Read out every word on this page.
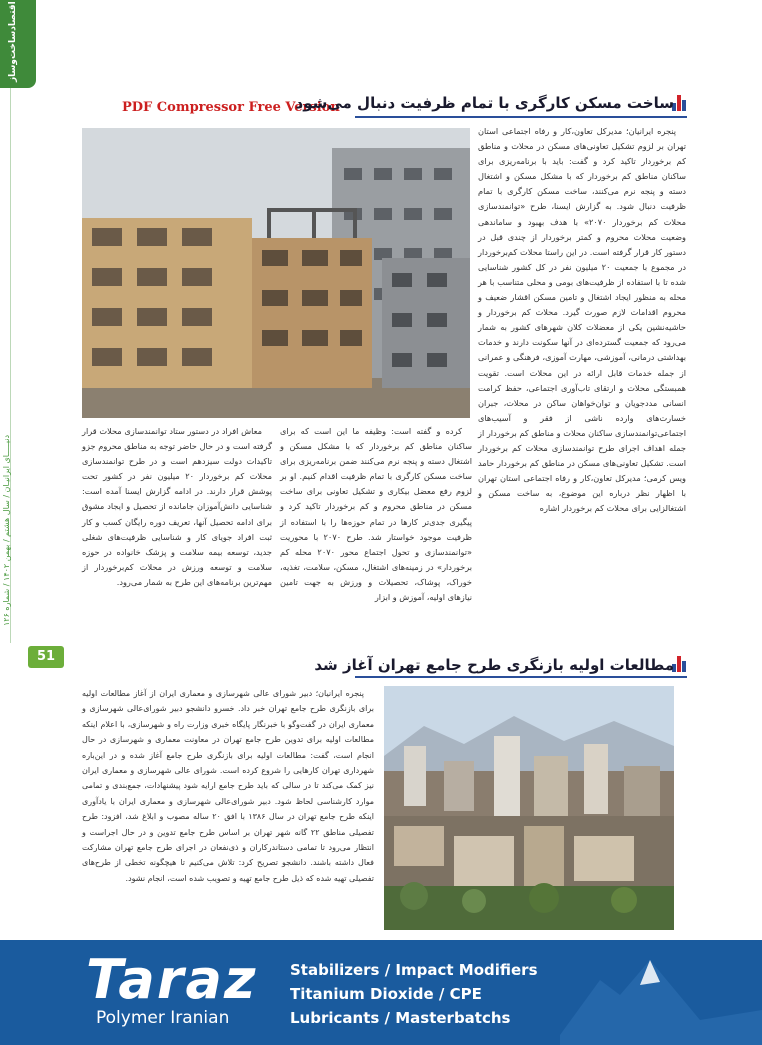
اقتصاد‌ساخت‌وساز
دنیـــــای ایرانیـان / سال هشتم / بهمن ۱۴۰۲ / شماره ۱۲۶
51
PDF Compressor Free Version
ساخت مسکن کارگری با تمام ظرفیت دنبال می‌شود

پنجره ایرانیان؛ مدیرکل تعاون،کار و رفاه اجتماعی استان تهران بر لزوم تشکیل تعاونی‌های مسکن در محلات و مناطق کم برخوردار تاکید کرد و گفت: باید با برنامه‌ریزی برای ساکنان مناطق کم برخوردار که با مشکل مسکن و اشتغال دسته و پنجه نرم می‌کنند، ساخت مسکن کارگری با تمام ظرفیت دنبال شود. به گزارش ایسنا، طرح «توانمندسازی محلات کم برخوردار ۲۰۷۰» با هدف بهبود و ساماندهی وضعیت محلات محروم و کمتر برخوردار از چندی قبل در دستور کار قرار گرفته است. در این راستا محلات کم‌برخوردار در مجموع با جمعیت ۲۰ میلیون نفر در کل کشور شناسایی شده تا با استفاده از ظرفیت‌های بومی و محلی متناسب با هر محله به منظور ایجاد اشتغال و تامین مسکن اقشار ضعیف و محروم اقدامات لازم صورت گیرد. محلات کم برخوردار و حاشیه‌نشین یکی از معضلات کلان شهرهای کشور به شمار می‌رود که جمعیت گسترده‌ای در آنها سکونت دارند و خدمات بهداشتی درمانی، آموزشی، مهارت آموزی، فرهنگی و عمرانی از جمله خدمات قابل ارائه در این محلات است. تقویت همبستگی محلات و ارتقای تاب‌آوری اجتماعی، حفظ کرامت انسانی مددجویان و توان‌خواهان ساکن در محلات، جبران خسارت‌های وارده ناشی از فقر و آسیب‌های اجتماعی‌توانمندسازی ساکنان محلات و مناطق کم برخوردار از جمله اهداف اجرای طرح توانمندسازی محلات کم برخوردار است. تشکیل تعاونی‌های مسکن در مناطق کم برخوردار حامد ویس کرمی؛ مدیرکل تعاون،کار و رفاه اجتماعی استان تهران با اظهار نظر درباره این موضوع، به ساخت مسکن و اشتغالزایی برای محلات کم برخوردار اشاره

کرده و گفته است: وظیفه ما این است که برای ساکنان مناطق کم برخوردار که با مشکل مسکن و اشتغال دسته و پنجه نرم می‌کنند ضمن برنامه‌ریزی برای ساخت مسکن کارگری با تمام ظرفیت اقدام کنیم. او بر لزوم رفع معضل بیکاری و تشکیل تعاونی برای ساخت مسکن در مناطق محروم و کم برخوردار تاکید کرد و پیگیری جدی‌تر کارها در تمام حوزه‌ها را با استفاده از ظرفیت موجود خواستار شد. طرح ۲۰۷۰ با محوریت «توانمندسازی و تحول اجتماع محور ۲۰۷۰ محله کم برخوردار» در زمینه‌های اشتغال، مسکن، سلامت، تغذیه، خوراک، پوشاک، تحصیلات و ورزش به جهت تامین نیازهای اولیه، آموزش و ابزار

معاش افراد در دستور ستاد توانمندسازی محلات قرار گرفته است و در حال حاضر توجه به مناطق محروم جزو تاکیدات دولت سیزدهم است و در طرح توانمندسازی محلات کم برخوردار ۲۰ میلیون نفر در کشور تحت پوشش قرار دارند. در ادامه گزارش ایسنا آمده است: شناسایی دانش‌آموزان جامانده از تحصیل و ایجاد مشوق برای ادامه تحصیل آنها، تعریف دوره رایگان کسب و کار ثبت افراد جویای کار و شناسایی ظرفیت‌های شغلی جدید، توسعه بیمه سلامت و پزشک خانواده در حوزه سلامت و توسعه ورزش در محلات کم‌برخوردار از مهم‌ترین برنامه‌های این طرح به شمار می‌رود.

مطالعات اولیه بازنگری طرح جامع تهران آغاز شد

پنجره ایرانیان؛ دبیر شورای عالی شهرسازی و معماری ایران از آغاز مطالعات اولیه برای بازنگری طرح جامع تهران خبر داد. خسرو دانشجو دبیر شورای‌عالی شهرسازی و معماری ایران در گفت‌وگو با خبرنگار پایگاه خبری وزارت راه و شهرسازی، با اعلام اینکه مطالعات اولیه برای تدوین طرح جامع تهران در معاونت معماری و شهرسازی در حال انجام است، گفت: مطالعات اولیه برای بازنگری طرح جامع آغاز شده و در این‌باره شهرداری تهران کارهایی را شروع کرده است. شورای عالی شهرسازی و معماری ایران نیز کمک می‌کند تا در سالی که باید طرح جامع ارایه شود پیشنهادات، جمع‌بندی و تمامی موارد کارشناسی لحاظ شود. دبیر شورای‌عالی شهرسازی و معماری ایران با یادآوری اینکه طرح جامع تهران در سال ۱۳۸۶ با افق ۲۰ ساله مصوب و ابلاغ شد، افزود: طرح تفصیلی مناطق ۲۲ گانه شهر تهران بر اساس طرح جامع تدوین و در حال اجراست و انتظار می‌رود تا تمامی دستاندرکاران و ذی‌نفعان در اجرای طرح جامع تهران مشارکت فعال داشته باشند. دانشجو تصریح کرد: تلاش می‌کنیم تا هیچگونه تخطی از طرح‌های تفصیلی تهیه شده که ذیل طرح جامع تهیه و تصویب شده است، انجام نشود.

Taraz
Polymer Iranian
Stabilizers / Impact Modifiers
Titanium Dioxide / CPE
Lubricants / Masterbatchs
